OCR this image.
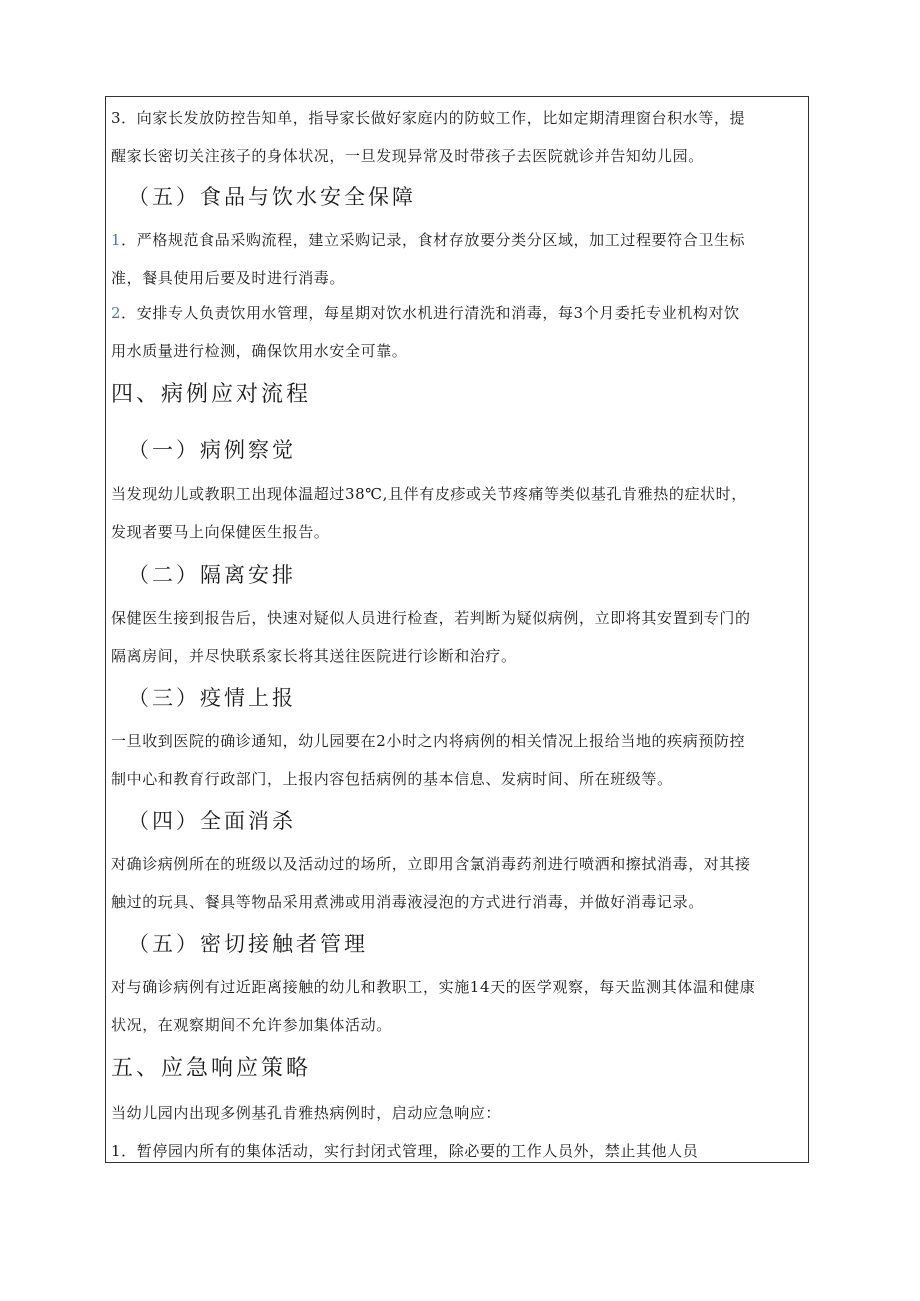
3．向家长发放防控告知单，指导家长做好家庭内的防蚊工作，比如定期清理窗台积水等，提
醒家长密切关注孩子的身体状况，一旦发现异常及时带孩子去医院就诊并告知幼儿园。
（五）食品与饮水安全保障
1．严格规范食品采购流程，建立采购记录，食材存放要分类分区域，加工过程要符合卫生标
准，餐具使用后要及时进行消毒。
2．安排专人负责饮用水管理，每星期对饮水机进行清洗和消毒，每3个月委托专业机构对饮
用水质量进行检测，确保饮用水安全可靠。
四、病例应对流程
（一）病例察觉
当发现幼儿或教职工出现体温超过38℃,且伴有皮疹或关节疼痛等类似基孔肯雅热的症状时，
发现者要马上向保健医生报告。
（二）隔离安排
保健医生接到报告后，快速对疑似人员进行检查，若判断为疑似病例，立即将其安置到专门的
隔离房间，并尽快联系家长将其送往医院进行诊断和治疗。
（三）疫情上报
一旦收到医院的确诊通知，幼儿园要在2小时之内将病例的相关情况上报给当地的疾病预防控
制中心和教育行政部门，上报内容包括病例的基本信息、发病时间、所在班级等。
（四）全面消杀
对确诊病例所在的班级以及活动过的场所，立即用含氯消毒药剂进行喷洒和擦拭消毒，对其接
触过的玩具、餐具等物品采用煮沸或用消毒液浸泡的方式进行消毒，并做好消毒记录。
（五）密切接触者管理
对与确诊病例有过近距离接触的幼儿和教职工，实施14天的医学观察，每天监测其体温和健康
状况，在观察期间不允许参加集体活动。
五、应急响应策略
当幼儿园内出现多例基孔肯雅热病例时，启动应急响应：
1．暂停园内所有的集体活动，实行封闭式管理，除必要的工作人员外，禁止其他人员
